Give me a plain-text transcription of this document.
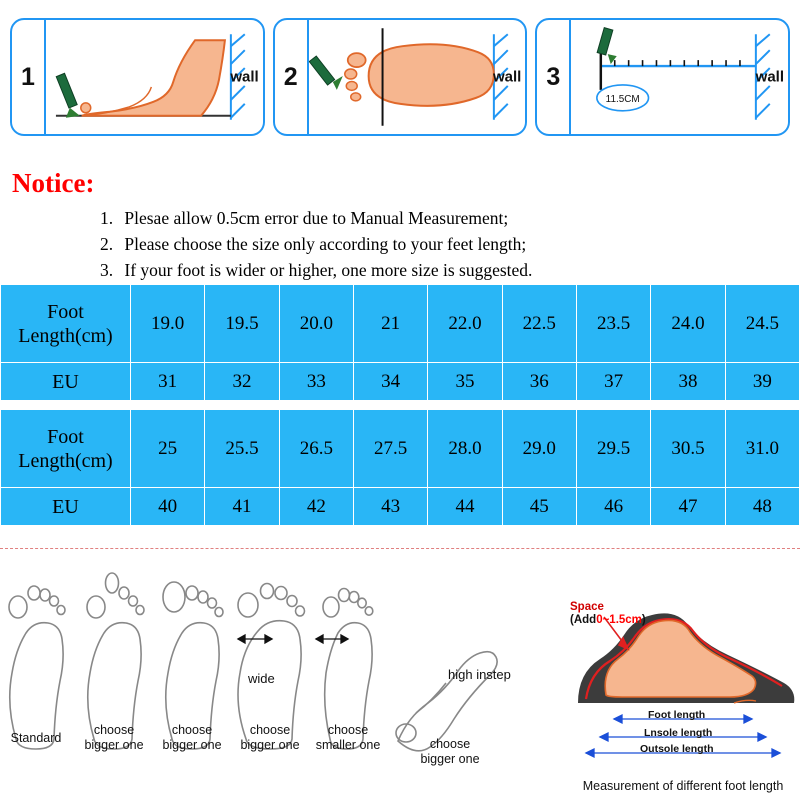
1	wall	2	wall	3
11.5CM
wall
Notice:
1. Plesae allow 0.5cm error due to Manual Measurement;
2. Please choose the size only according to your feet length;
3. If your foot is wider or higher, one more size is suggested.
Foot
Length(cm)	19.0	19.5	20.0	21	22.0	22.5	23.5	24.0	24.5
EU	31	32	33	34	35	36	37	38	39
Foot
Length(cm)	25	25.5	26.5	27.5	28.0	29.0	29.5	30.5	31.0
EU	40	41	42	43	44	45	46	47	48
wide	high instep
Standard
choose
bigger one
choose
bigger one
choose
bigger one
choose
smaller one	choose
bigger one
Space
(Add0~1.5cm)
Foot length
Lnsole length
Outsole length
Measurement of different foot length
